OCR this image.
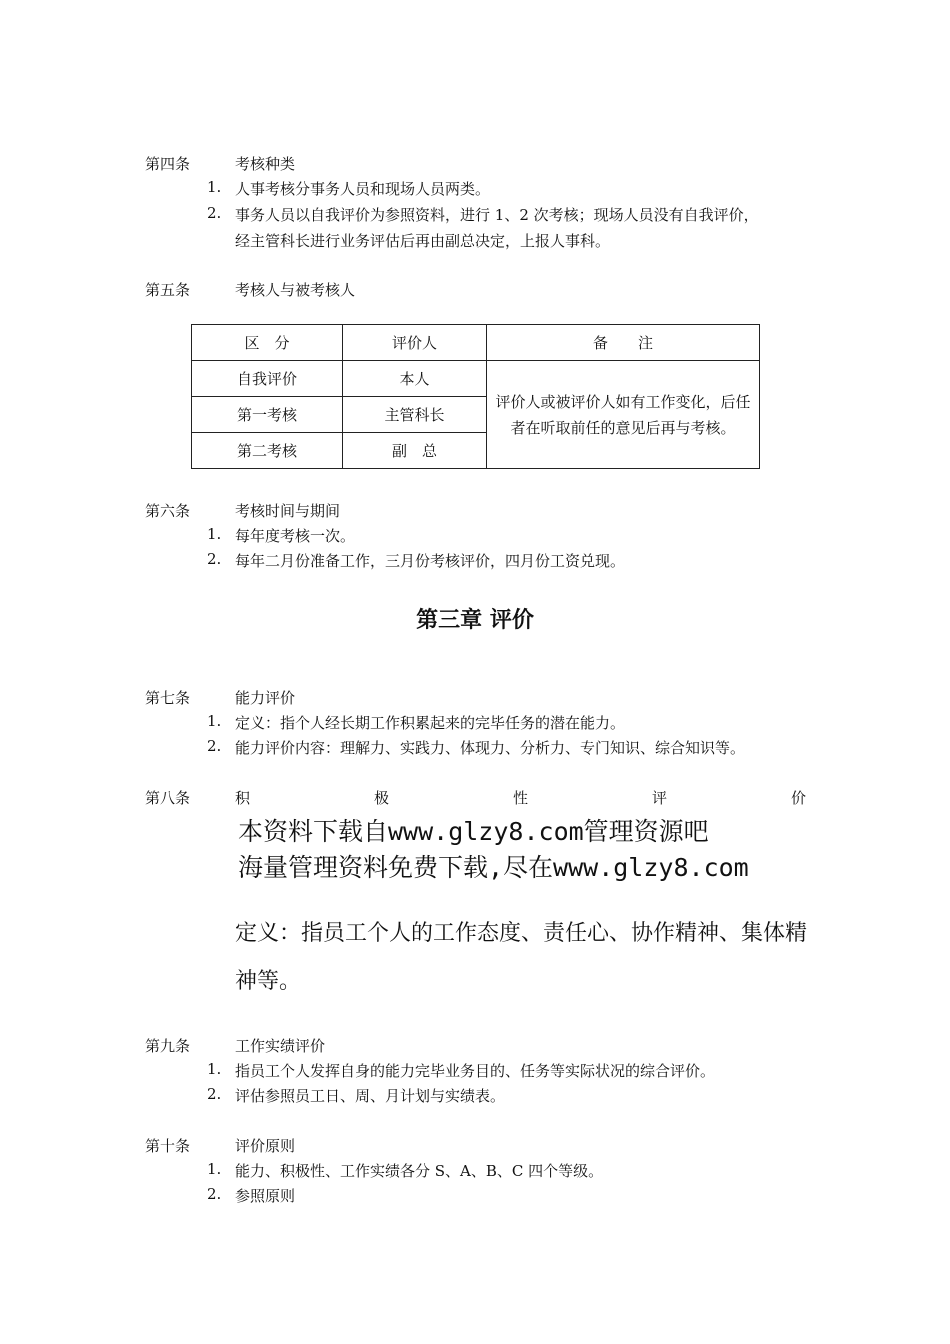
第四条	考核种类
1. 人事考核分事务人员和现场人员两类。
2. 事务人员以自我评价为参照资料，进行 1、2 次考核；现场人员没有自我评价，
经主管科长进行业务评估后再由副总决定，上报人事科。
第五条	考核人与被考核人
区　分	评价人	备　　注
自我评价	本人	评价人或被评价人如有工作变化，后任者在听取前任的意见后再与考核。
第一考核	主管科长	
第二考核	副　总	
第六条	考核时间与期间
1. 每年度考核一次。
2. 每年二月份准备工作，三月份考核评价，四月份工资兑现。
第三章 评价
第七条	能力评价
1. 定义：指个人经长期工作积累起来的完毕任务的潜在能力。
2. 能力评价内容：理解力、实践力、体现力、分析力、专门知识、综合知识等。
第八条	积	极	性	评	价
本资料下载自www.glzy8.com管理资源吧
海量管理资料免费下载,尽在www.glzy8.com
定义：指员工个人的工作态度、责任心、协作精神、集体精神等。
第九条	工作实绩评价
1. 指员工个人发挥自身的能力完毕业务目的、任务等实际状况的综合评价。
2. 评估参照员工日、周、月计划与实绩表。
第十条	评价原则
1. 能力、积极性、工作实绩各分 S、A、B、C 四个等级。
2. 参照原则
